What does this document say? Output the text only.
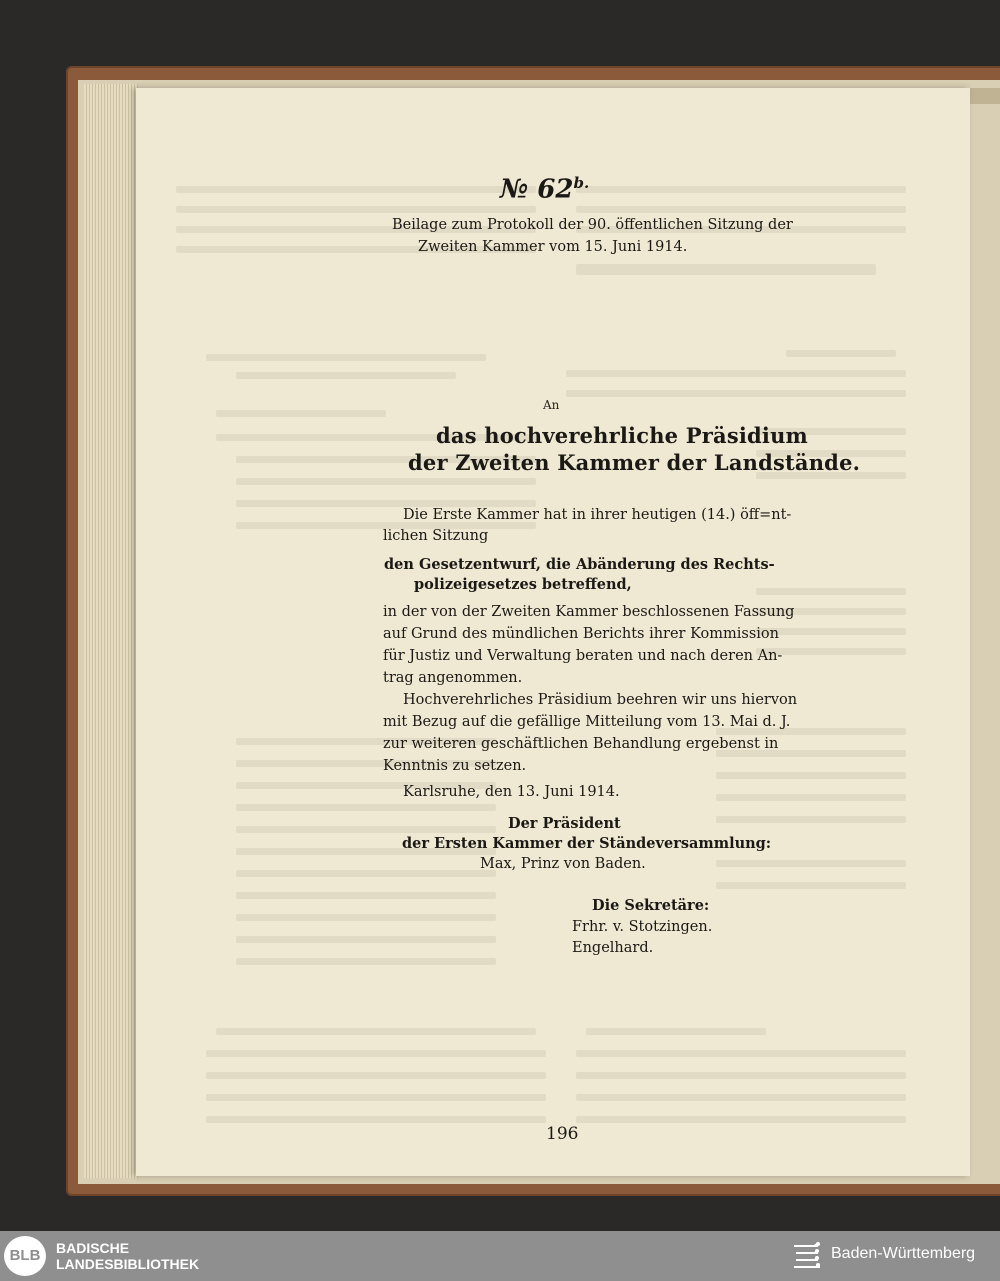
№ $62^{b.}$
Beilage zum Protokoll der 90. öffentlichen Sitzung der
Zweiten Kammer vom 15. Juni 1914.
An
das hochverehrliche Präsidium
der Zweiten Kammer der Landstände.
Die Erste Kammer hat in ihrer heutigen (14.) öff=nt-
lichen Sitzung
den Gesetzentwurf, die Abänderung des Rechts-
polizeigesetzes betreffend,
in der von der Zweiten Kammer beschlossenen Fassung
auf Grund des mündlichen Berichts ihrer Kommission
für Justiz und Verwaltung beraten und nach deren An-
trag angenommen.
Hochverehrliches Präsidium beehren wir uns hiervon
mit Bezug auf die gefällige Mitteilung vom 13. Mai d. J.
zur weiteren geschäftlichen Behandlung ergebenst in
Kenntnis zu setzen.
Karlsruhe, den 13. Juni 1914.
Der Präsident
der Ersten Kammer der Ständeversammlung:
Max, Prinz von Baden.
Die Sekretäre:
Frhr. v. Stotzingen.
Engelhard.
196
BLB	BADISCHE
LANDESBIBLIOTHEK
Baden-Württemberg
